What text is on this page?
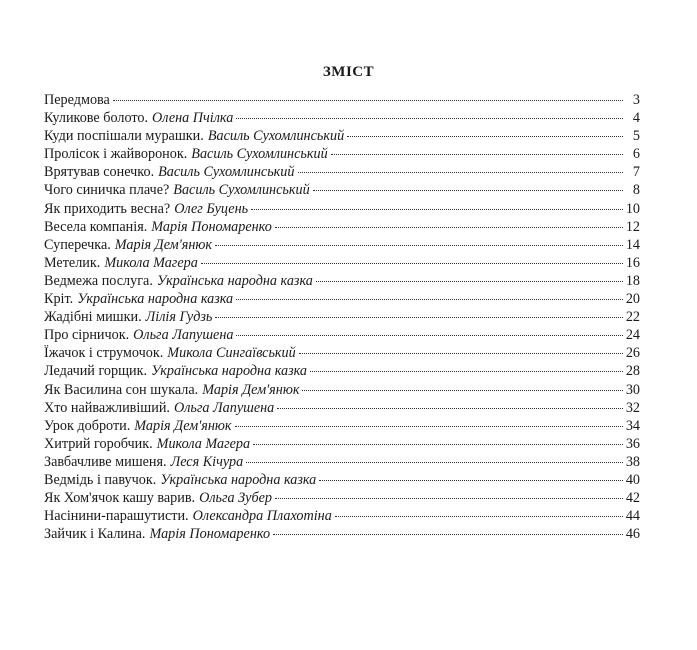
ЗМІСТ
Передмова	3
Куликове болото. Олена Пчілка	4
Куди поспішали мурашки. Василь Сухомлинський	5
Пролісок і жайворонок. Василь Сухомлинський	6
Врятував сонечко. Василь Сухомлинський	7
Чого синичка плаче? Василь Сухомлинський	8
Як приходить весна? Олег Буцень	10
Весела компанія. Марія Пономаренко	12
Суперечка. Марія Дем'янюк	14
Метелик. Микола Магера	16
Ведмежа послуга. Українська народна казка	18
Кріт. Українська народна казка	20
Жадібні мишки. Лілія Гудзь	22
Про сірничок. Ольга Лапушена	24
Їжачок і струмочок. Микола Сингаївський	26
Ледачий горщик. Українська народна казка	28
Як Василина сон шукала. Марія Дем'янюк	30
Хто найважливіший. Ольга Лапушена	32
Урок доброти. Марія Дем'янюк	34
Хитрий горобчик. Микола Магера	36
Завбачливе мишеня. Леся Кічура	38
Ведмідь і павучок. Українська народна казка	40
Як Хом'ячок кашу варив. Ольга Зубер	42
Насінини-парашутисти. Олександра Плахотіна	44
Зайчик і Калина. Марія Пономаренко	46
